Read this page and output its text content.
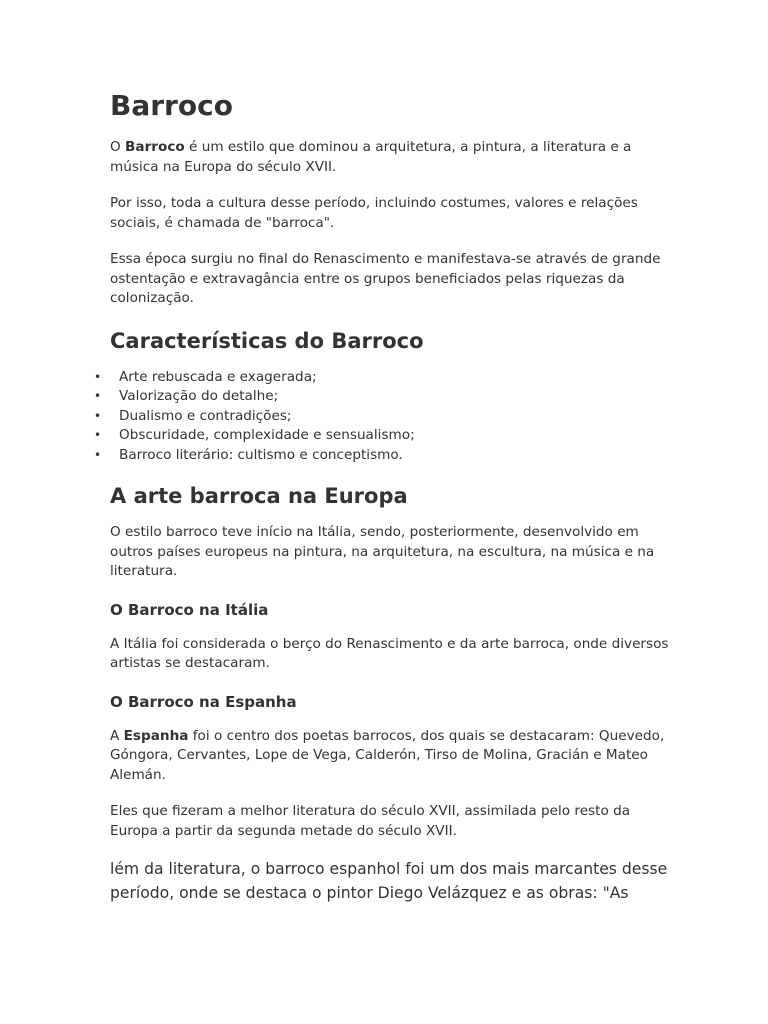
Barroco

O Barroco é um estilo que dominou a arquitetura, a pintura, a literatura e a música na Europa do século XVII.

Por isso, toda a cultura desse período, incluindo costumes, valores e relações sociais, é chamada de "barroca".

Essa época surgiu no final do Renascimento e manifestava-se através de grande ostentação e extravagância entre os grupos beneficiados pelas riquezas da colonização.

Características do Barroco
• Arte rebuscada e exagerada;
• Valorização do detalhe;
• Dualismo e contradições;
• Obscuridade, complexidade e sensualismo;
• Barroco literário: cultismo e conceptismo.
A arte barroca na Europa

O estilo barroco teve início na Itália, sendo, posteriormente, desenvolvido em outros países europeus na pintura, na arquitetura, na escultura, na música e na literatura.

O Barroco na Itália

A Itália foi considerada o berço do Renascimento e da arte barroca, onde diversos artistas se destacaram.

O Barroco na Espanha

A Espanha foi o centro dos poetas barrocos, dos quais se destacaram: Quevedo, Góngora, Cervantes, Lope de Vega, Calderón, Tirso de Molina, Gracián e Mateo Alemán.

Eles que fizeram a melhor literatura do século XVII, assimilada pelo resto da Europa a partir da segunda metade do século XVII.

lém da literatura, o barroco espanhol foi um dos mais marcantes desse período, onde se destaca o pintor Diego Velázquez e as obras: "As
